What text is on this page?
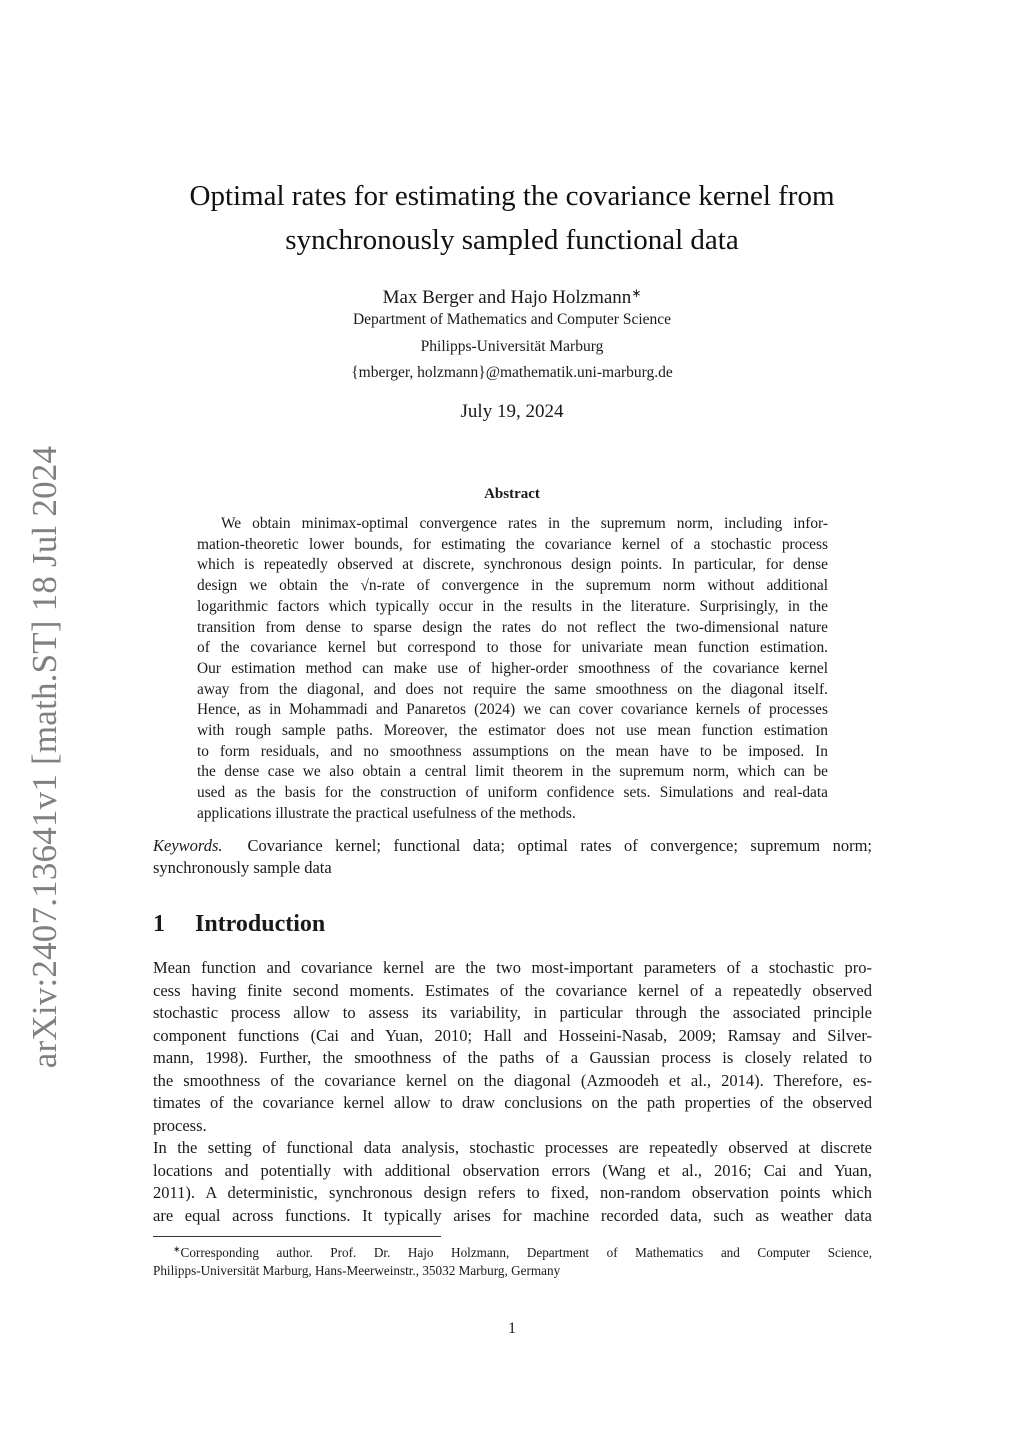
arXiv:2407.13641v1 [math.ST] 18 Jul 2024
Optimal rates for estimating the covariance kernel from
synchronously sampled functional data
Max Berger and Hajo Holzmann∗
Department of Mathematics and Computer Science
Philipps-Universität Marburg
{mberger, holzmann}@mathematik.uni-marburg.de
July 19, 2024
Abstract
We obtain minimax-optimal convergence rates in the supremum norm, including infor-
mation-theoretic lower bounds, for estimating the covariance kernel of a stochastic process
which is repeatedly observed at discrete, synchronous design points. In particular, for dense
design we obtain the √n-rate of convergence in the supremum norm without additional
logarithmic factors which typically occur in the results in the literature. Surprisingly, in the
transition from dense to sparse design the rates do not reflect the two-dimensional nature
of the covariance kernel but correspond to those for univariate mean function estimation.
Our estimation method can make use of higher-order smoothness of the covariance kernel
away from the diagonal, and does not require the same smoothness on the diagonal itself.
Hence, as in Mohammadi and Panaretos (2024) we can cover covariance kernels of processes
with rough sample paths. Moreover, the estimator does not use mean function estimation
to form residuals, and no smoothness assumptions on the mean have to be imposed. In
the dense case we also obtain a central limit theorem in the supremum norm, which can be
used as the basis for the construction of uniform confidence sets. Simulations and real-data
applications illustrate the practical usefulness of the methods.
Keywords. Covariance kernel; functional data; optimal rates of convergence; supremum norm;
synchronously sample data
1 Introduction
Mean function and covariance kernel are the two most-important parameters of a stochastic pro-
cess having finite second moments. Estimates of the covariance kernel of a repeatedly observed
stochastic process allow to assess its variability, in particular through the associated principle
component functions (Cai and Yuan, 2010; Hall and Hosseini-Nasab, 2009; Ramsay and Silver-
mann, 1998). Further, the smoothness of the paths of a Gaussian process is closely related to
the smoothness of the covariance kernel on the diagonal (Azmoodeh et al., 2014). Therefore, es-
timates of the covariance kernel allow to draw conclusions on the path properties of the observed
process.
In the setting of functional data analysis, stochastic processes are repeatedly observed at discrete
locations and potentially with additional observation errors (Wang et al., 2016; Cai and Yuan,
2011). A deterministic, synchronous design refers to fixed, non-random observation points which
are equal across functions. It typically arises for machine recorded data, such as weather data
∗Corresponding author. Prof. Dr. Hajo Holzmann, Department of Mathematics and Computer Science,
Philipps-Universität Marburg, Hans-Meerweinstr., 35032 Marburg, Germany
1
